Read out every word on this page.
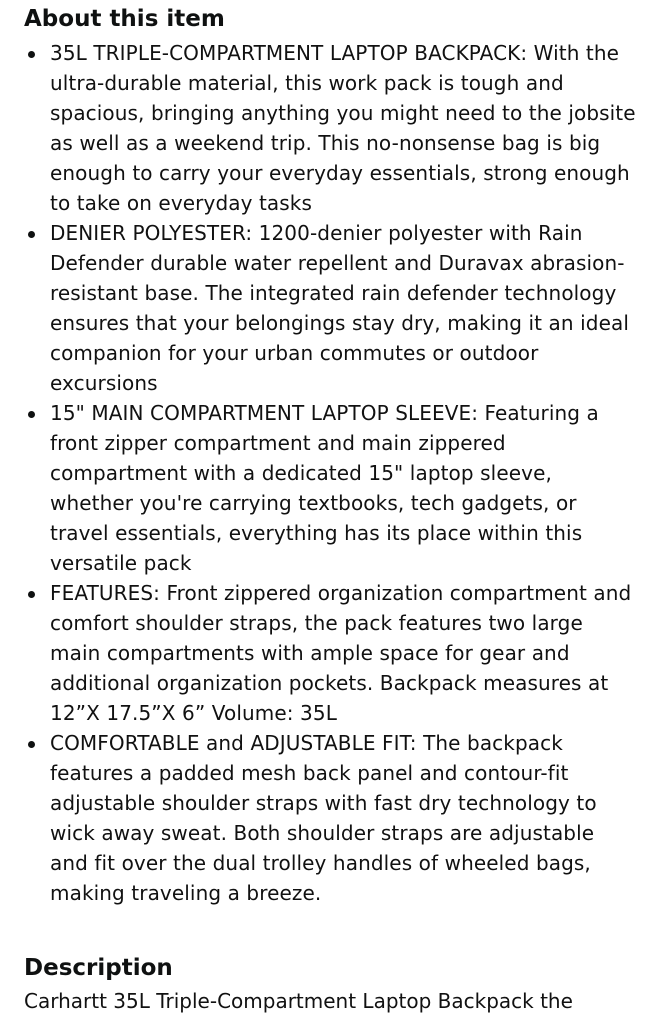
About this item
35L TRIPLE-COMPARTMENT LAPTOP BACKPACK: With the ultra-durable material, this work pack is tough and spacious, bringing anything you might need to the jobsite as well as a weekend trip. This no-nonsense bag is big enough to carry your everyday essentials, strong enough to take on everyday tasks
DENIER POLYESTER: 1200-denier polyester with Rain Defender durable water repellent and Duravax abrasion-resistant base. The integrated rain defender technology ensures that your belongings stay dry, making it an ideal companion for your urban commutes or outdoor excursions
15" MAIN COMPARTMENT LAPTOP SLEEVE: Featuring a front zipper compartment and main zippered compartment with a dedicated 15" laptop sleeve, whether you're carrying textbooks, tech gadgets, or travel essentials, everything has its place within this versatile pack
FEATURES: Front zippered organization compartment and comfort shoulder straps, the pack features two large main compartments with ample space for gear and additional organization pockets. Backpack measures at 12”X 17.5”X 6” Volume: 35L
COMFORTABLE and ADJUSTABLE FIT: The backpack features a padded mesh back panel and contour-fit adjustable shoulder straps with fast dry technology to wick away sweat. Both shoulder straps are adjustable and fit over the dual trolley handles of wheeled bags, making traveling a breeze.
Description
Carhartt 35L Triple-Compartment Laptop Backpack the
